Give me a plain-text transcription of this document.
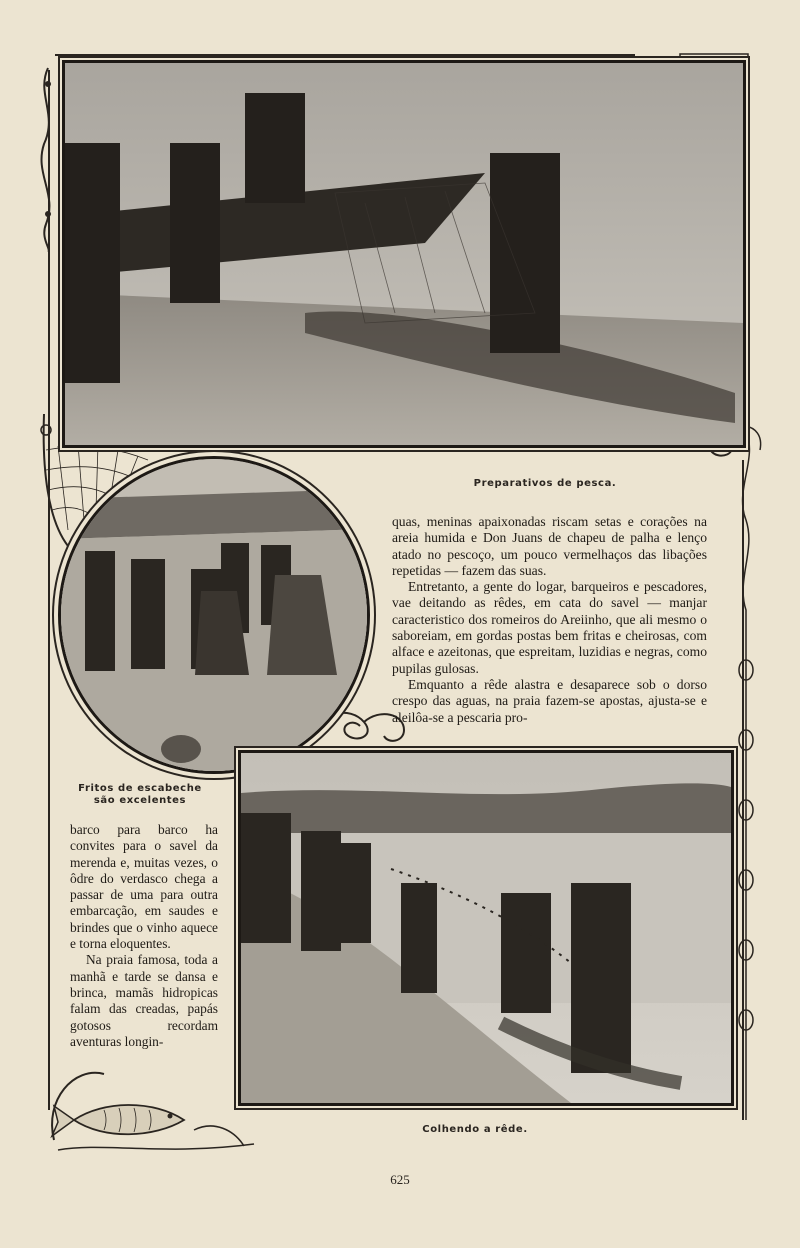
Preparativos de pesca.
Fritos de escabeche
são excelentes

quas, meninas apaixonadas riscam setas e corações na areia humida e Don Juans de chapeu de palha e lenço atado no pescoço, um pouco vermelhaços das libações repetidas — fazem das suas.

Entretanto, a gente do logar, barqueiros e pescadores, vae deitando as rêdes, em cata do savel — manjar caracteristico dos romeiros do Areiinho, que ali mesmo o saboreiam, em gordas postas bem fritas e cheirosas, com alface e azeitonas, que espreitam, luzidias e negras, como pupilas gulosas.

Emquanto a rêde alastra e desaparece sob o dorso crespo das aguas, na praia fazem-se apostas, ajusta-se e aleilôa-se a pescaria pro-

barco para barco ha convites para o savel da merenda e, muitas vezes, o ôdre do verdasco chega a passar de uma para outra embarcação, em saudes e brindes que o vinho aquece e torna eloquentes.

Na praia famosa, toda a manhã e tarde se dansa e brinca, mamãs hidropicas falam das creadas, papás gotosos recordam aventuras longin-

Colhendo a rêde.
625
